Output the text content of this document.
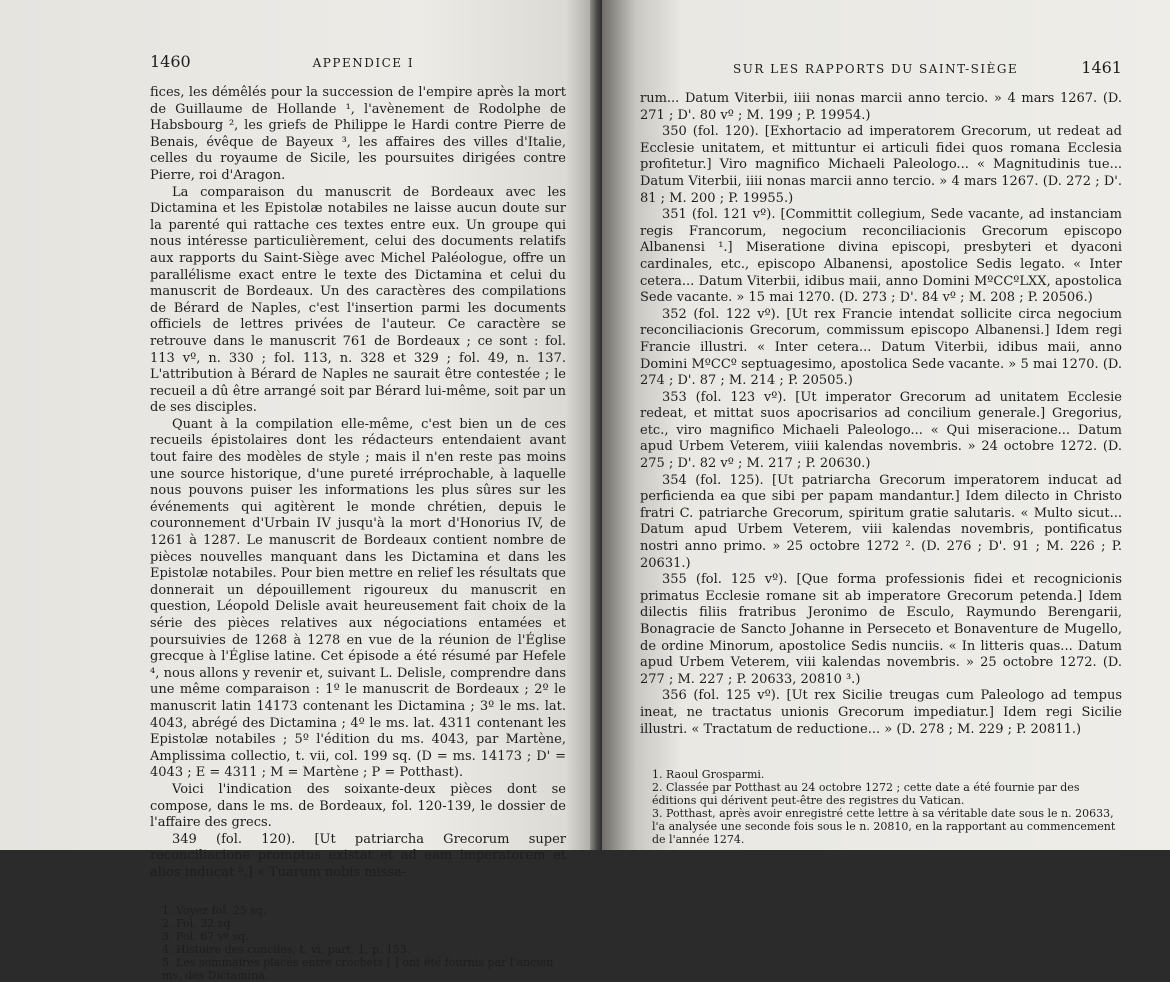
1460	APPENDICE I

fices, les démêlés pour la succession de l'empire après la mort de Guillaume de Hollande ¹, l'avènement de Rodolphe de Habsbourg ², les griefs de Philippe le Hardi contre Pierre de Benais, évêque de Bayeux ³, les affaires des villes d'Italie, celles du royaume de Sicile, les poursuites dirigées contre Pierre, roi d'Aragon.

La comparaison du manuscrit de Bordeaux avec les Dictamina et les Epistolæ notabiles ne laisse aucun doute sur la parenté qui rattache ces textes entre eux. Un groupe qui nous intéresse particulièrement, celui des documents relatifs aux rapports du Saint-Siège avec Michel Paléologue, offre un parallélisme exact entre le texte des Dictamina et celui du manuscrit de Bordeaux. Un des caractères des compilations de Bérard de Naples, c'est l'insertion parmi les documents officiels de lettres privées de l'auteur. Ce caractère se retrouve dans le manuscrit 761 de Bordeaux ; ce sont : fol. 113 vº, n. 330 ; fol. 113, n. 328 et 329 ; fol. 49, n. 137. L'attribution à Bérard de Naples ne saurait être contestée ; le recueil a dû être arrangé soit par Bérard lui-même, soit par un de ses disciples.

Quant à la compilation elle-même, c'est bien un de ces recueils épistolaires dont les rédacteurs entendaient avant tout faire des modèles de style ; mais il n'en reste pas moins une source historique, d'une pureté irréprochable, à laquelle nous pouvons puiser les informations les plus sûres sur les événements qui agitèrent le monde chrétien, depuis le couronnement d'Urbain IV jusqu'à la mort d'Honorius IV, de 1261 à 1287. Le manuscrit de Bordeaux contient nombre de pièces nouvelles manquant dans les Dictamina et dans les Epistolæ notabiles. Pour bien mettre en relief les résultats que donnerait un dépouillement rigoureux du manuscrit en question, Léopold Delisle avait heureusement fait choix de la série des pièces relatives aux négociations entamées et poursuivies de 1268 à 1278 en vue de la réunion de l'Église grecque à l'Église latine. Cet épisode a été résumé par Hefele ⁴, nous allons y revenir et, suivant L. Delisle, comprendre dans une même comparaison : 1º le manuscrit de Bordeaux ; 2º le manuscrit latin 14173 contenant les Dictamina ; 3º le ms. lat. 4043, abrégé des Dictamina ; 4º le ms. lat. 4311 contenant les Epistolæ notabiles ; 5º l'édition du ms. 4043, par Martène, Amplissima collectio, t. vii, col. 199 sq. (D = ms. 14173 ; D' = 4043 ; E = 4311 ; M = Martène ; P = Potthast).

Voici l'indication des soixante-deux pièces dont se compose, dans le ms. de Bordeaux, fol. 120-139, le dossier de l'affaire des grecs.

349 (fol. 120). [Ut patriarcha Grecorum super reconciliacione promptus existat et ad eam imperatorem et alios inducat ⁵.] « Tuarum nobis missa-

1. Voyez fol. 25 sq.
2. Fol. 32 sq.
3. Fol. 67 vº sq.
4. Histoire des conciles, t. vi, part. 1, p. 153.
5. Les sommaires placés entre crochets [ ] ont été fournis par l'ancien ms. des Dictamina.
SUR LES RAPPORTS DU SAINT-SIÈGE	1461

rum... Datum Viterbii, iiii nonas marcii anno tercio. » 4 mars 1267. (D. 271 ; D'. 80 vº ; M. 199 ; P. 19954.)

350 (fol. 120). [Exhortacio ad imperatorem Grecorum, ut redeat ad Ecclesie unitatem, et mittuntur ei articuli fidei quos romana Ecclesia profitetur.] Viro magnifico Michaeli Paleologo... « Magnitudinis tue... Datum Viterbii, iiii nonas marcii anno tercio. » 4 mars 1267. (D. 272 ; D'. 81 ; M. 200 ; P. 19955.)

351 (fol. 121 vº). [Committit collegium, Sede vacante, ad instanciam regis Francorum, negocium reconciliacionis Grecorum episcopo Albanensi ¹.] Miseratione divina episcopi, presbyteri et dyaconi cardinales, etc., episcopo Albanensi, apostolice Sedis legato. « Inter cetera... Datum Viterbii, idibus maii, anno Domini MºCCºLXX, apostolica Sede vacante. » 15 mai 1270. (D. 273 ; D'. 84 vº ; M. 208 ; P. 20506.)

352 (fol. 122 vº). [Ut rex Francie intendat sollicite circa negocium reconciliacionis Grecorum, commissum episcopo Albanensi.] Idem regi Francie illustri. « Inter cetera... Datum Viterbii, idibus maii, anno Domini MºCCº septuagesimo, apostolica Sede vacante. » 5 mai 1270. (D. 274 ; D'. 87 ; M. 214 ; P. 20505.)

353 (fol. 123 vº). [Ut imperator Grecorum ad unitatem Ecclesie redeat, et mittat suos apocrisarios ad concilium generale.] Gregorius, etc., viro magnifico Michaeli Paleologo... « Qui miseracione... Datum apud Urbem Veterem, viiii kalendas novembris. » 24 octobre 1272. (D. 275 ; D'. 82 vº ; M. 217 ; P. 20630.)

354 (fol. 125). [Ut patriarcha Grecorum imperatorem inducat ad perficienda ea que sibi per papam mandantur.] Idem dilecto in Christo fratri C. patriarche Grecorum, spiritum gratie salutaris. « Multo sicut... Datum apud Urbem Veterem, viii kalendas novembris, pontificatus nostri anno primo. » 25 octobre 1272 ². (D. 276 ; D'. 91 ; M. 226 ; P. 20631.)

355 (fol. 125 vº). [Que forma professionis fidei et recognicionis primatus Ecclesie romane sit ab imperatore Grecorum petenda.] Idem dilectis filiis fratribus Jeronimo de Esculo, Raymundo Berengarii, Bonagracie de Sancto Johanne in Perseceto et Bonaventure de Mugello, de ordine Minorum, apostolice Sedis nunciis. « In litteris quas... Datum apud Urbem Veterem, viii kalendas novembris. » 25 octobre 1272. (D. 277 ; M. 227 ; P. 20633, 20810 ³.)

356 (fol. 125 vº). [Ut rex Sicilie treugas cum Paleologo ad tempus ineat, ne tractatus unionis Grecorum impediatur.] Idem regi Sicilie illustri. « Tractatum de reductione... » (D. 278 ; M. 229 ; P. 20811.)

1. Raoul Grosparmi.
2. Classée par Potthast au 24 octobre 1272 ; cette date a été fournie par des éditions qui dérivent peut-être des registres du Vatican.
3. Potthast, après avoir enregistré cette lettre à sa véritable date sous le n. 20633, l'a analysée une seconde fois sous le n. 20810, en la rapportant au commencement de l'année 1274.
